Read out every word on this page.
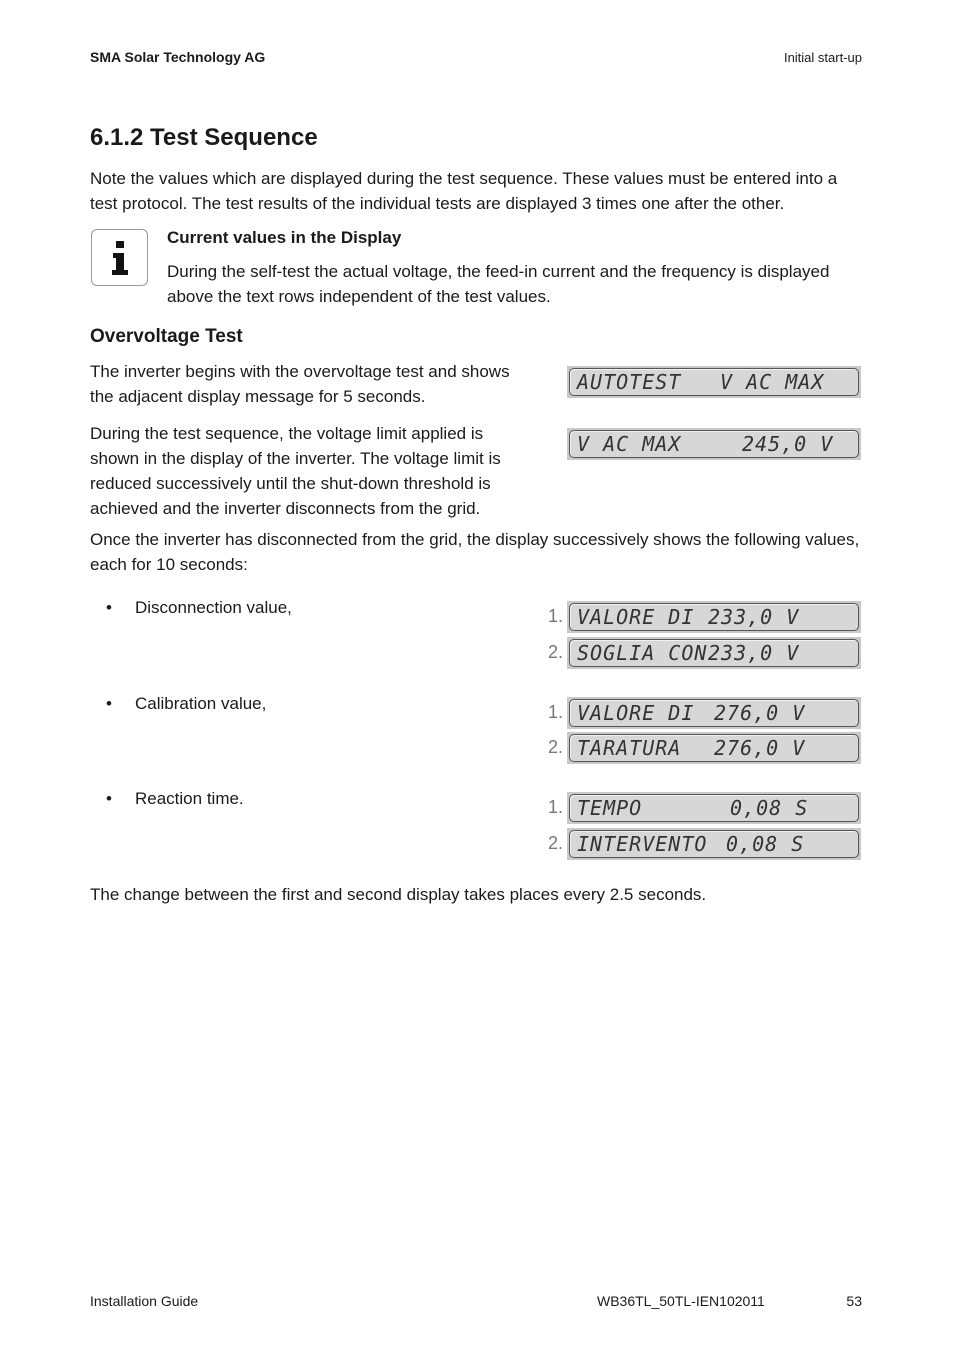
SMA Solar Technology AG	Initial start-up
6.1.2 Test Sequence
Note the values which are displayed during the test sequence. These values must be entered into a
test protocol. The test results of the individual tests are displayed 3 times one after the other.
Current values in the Display
During the self-test the actual voltage, the feed-in current and the frequency is displayed
above the text rows independent of the test values.
Overvoltage Test
The inverter begins with the overvoltage test and shows
the adjacent display message for 5 seconds.
During the test sequence, the voltage limit applied is
shown in the display of the inverter. The voltage limit is
reduced successively until the shut-down threshold is
achieved and the inverter disconnects from the grid.
Once the inverter has disconnected from the grid, the display successively shows the following values,
each for 10 seconds:
AUTOTEST V AC MAX
V AC MAX	245,0 V
• Disconnection value,
• Calibration value,
• Reaction time.
1. VALORE DI 233,0 V
2. SOGLIA CON 233,0 V
1. VALORE DI 276,0 V
2. TARATURA 276,0 V
1. TEMPO	0,08 S
2. INTERVENTO 0,08 S
The change between the first and second display takes places every 2.5 seconds.
Installation Guide	WB36TL_50TL-IEN102011	53
